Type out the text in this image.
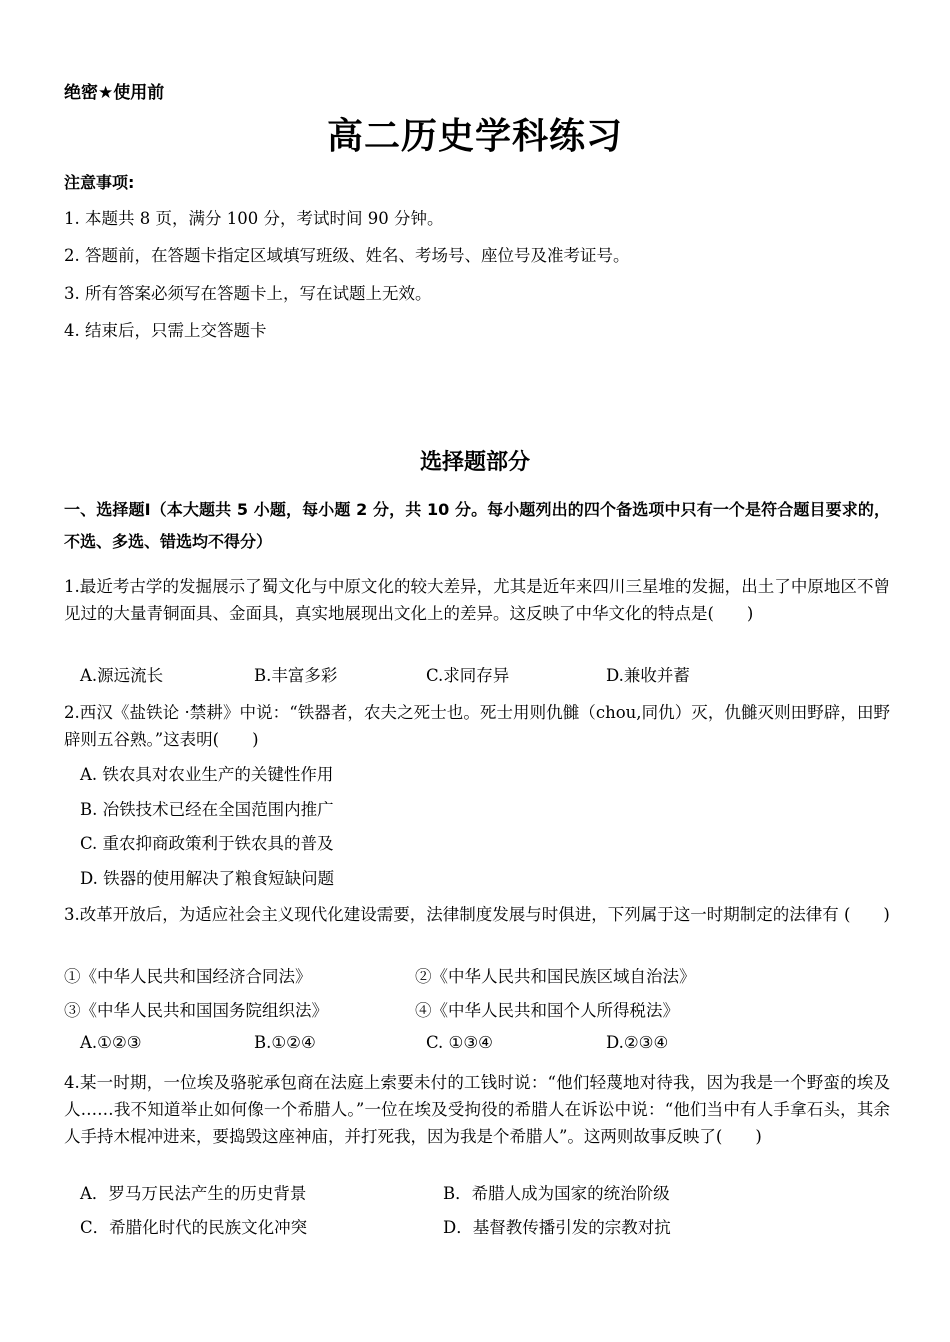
绝密★使用前
高二历史学科练习
注意事项:
1. 本题共 8 页，满分 100 分，考试时间 90 分钟。
2. 答题前，在答题卡指定区域填写班级、姓名、考场号、座位号及准考证号。
3. 所有答案必须写在答题卡上，写在试题上无效。
4. 结束后，只需上交答题卡
选择题部分
一、选择题Ⅰ（本大题共 5 小题，每小题 2 分，共 10 分。每小题列出的四个备选项中只有一个是符合题目要求的，不选、多选、错选均不得分）
1.最近考古学的发掘展示了蜀文化与中原文化的较大差异，尤其是近年来四川三星堆的发掘，出土了中原地区不曾见过的大量青铜面具、金面具，真实地展现出文化上的差异。这反映了中华文化的特点是(　　)
A.源远流长	B.丰富多彩	C.求同存异	D.兼收并蓄
2.西汉《盐铁论 ·禁耕》中说：“铁器者，农夫之死士也。死士用则仇雠（chou,同仇）灭，仇雠灭则田野辟，田野辟则五谷熟。”这表明(　　)
A. 铁农具对农业生产的关键性作用
B. 冶铁技术已经在全国范围内推广
C. 重农抑商政策利于铁农具的普及
D. 铁器的使用解决了粮食短缺问题
3.改革开放后，为适应社会主义现代化建设需要，法律制度发展与时俱进，下列属于这一时期制定的法律有 (　　)
①《中华人民共和国经济合同法》	②《中华人民共和国民族区域自治法》
③《中华人民共和国国务院组织法》	④《中华人民共和国个人所得税法》
A.①②③	B.①②④	C. ①③④	D.②③④
4.某一时期，一位埃及骆驼承包商在法庭上索要未付的工钱时说：“他们轻蔑地对待我，因为我是一个野蛮的埃及人……我不知道举止如何像一个希腊人。”一位在埃及受拘役的希腊人在诉讼中说：“他们当中有人手拿石头，其余人手持木棍冲进来，要捣毁这座神庙，并打死我，因为我是个希腊人”。这两则故事反映了(　　)
A．罗马万民法产生的历史背景	B．希腊人成为国家的统治阶级
C．希腊化时代的民族文化冲突	D．基督教传播引发的宗教对抗
